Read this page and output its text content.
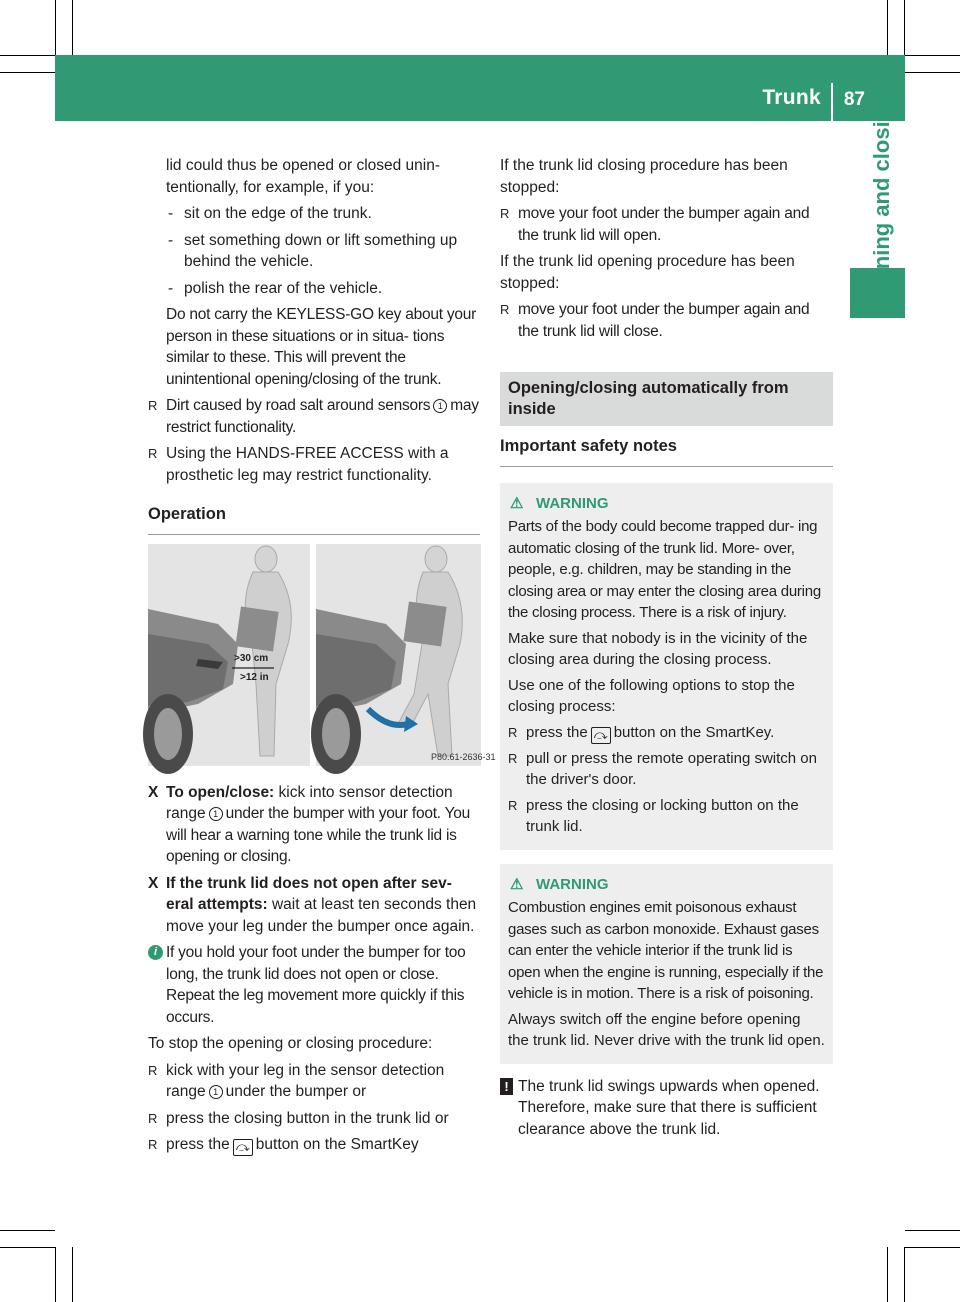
Trunk 87 Opening and closing

lid could thus be opened or closed unin-
tentionally, for example, if you:

- sit on the edge of the trunk.

- set something down or lift something up behind the vehicle.

- polish the rear of the vehicle.

Do not carry the KEYLESS-GO key about your person in these situations or in situa- tions similar to these. This will prevent the unintentional opening/closing of the trunk.

R Dirt caused by road salt around sensors 1 may restrict functionality.

R Using the HANDS-FREE ACCESS with a prosthetic leg may restrict functionality.

Operation
>30 cm
>12 in
P80.61-2636-31

X To open/close: kick into sensor detection range 1 under the bumper with your foot. You will hear a warning tone while the trunk lid is opening or closing.

X If the trunk lid does not open after sev- eral attempts: wait at least ten seconds then move your leg under the bumper once again.

i If you hold your foot under the bumper for too long, the trunk lid does not open or close. Repeat the leg movement more quickly if this occurs.

To stop the opening or closing procedure:

R kick with your leg in the sensor detection range 1 under the bumper or

R press the closing button in the trunk lid or

R press the ⤼ button on the SmartKey

If the trunk lid closing procedure has been stopped:

R move your foot under the bumper again and the trunk lid will open.

If the trunk lid opening procedure has been stopped:

R move your foot under the bumper again and the trunk lid will close.

Opening/closing automatically from inside
Important safety notes
⚠ WARNING

Parts of the body could become trapped dur- ing automatic closing of the trunk lid. More- over, people, e.g. children, may be standing in the closing area or may enter the closing area during the closing process. There is a risk of injury.

Make sure that nobody is in the vicinity of the closing area during the closing process.

Use one of the following options to stop the closing process:

R press the ⤼ button on the SmartKey.

R pull or press the remote operating switch on the driver's door.

R press the closing or locking button on the trunk lid.

⚠ WARNING

Combustion engines emit poisonous exhaust gases such as carbon monoxide. Exhaust gases can enter the vehicle interior if the trunk lid is open when the engine is running, especially if the vehicle is in motion. There is a risk of poisoning.

Always switch off the engine before opening the trunk lid. Never drive with the trunk lid open.

! The trunk lid swings upwards when opened. Therefore, make sure that there is sufficient clearance above the trunk lid.
